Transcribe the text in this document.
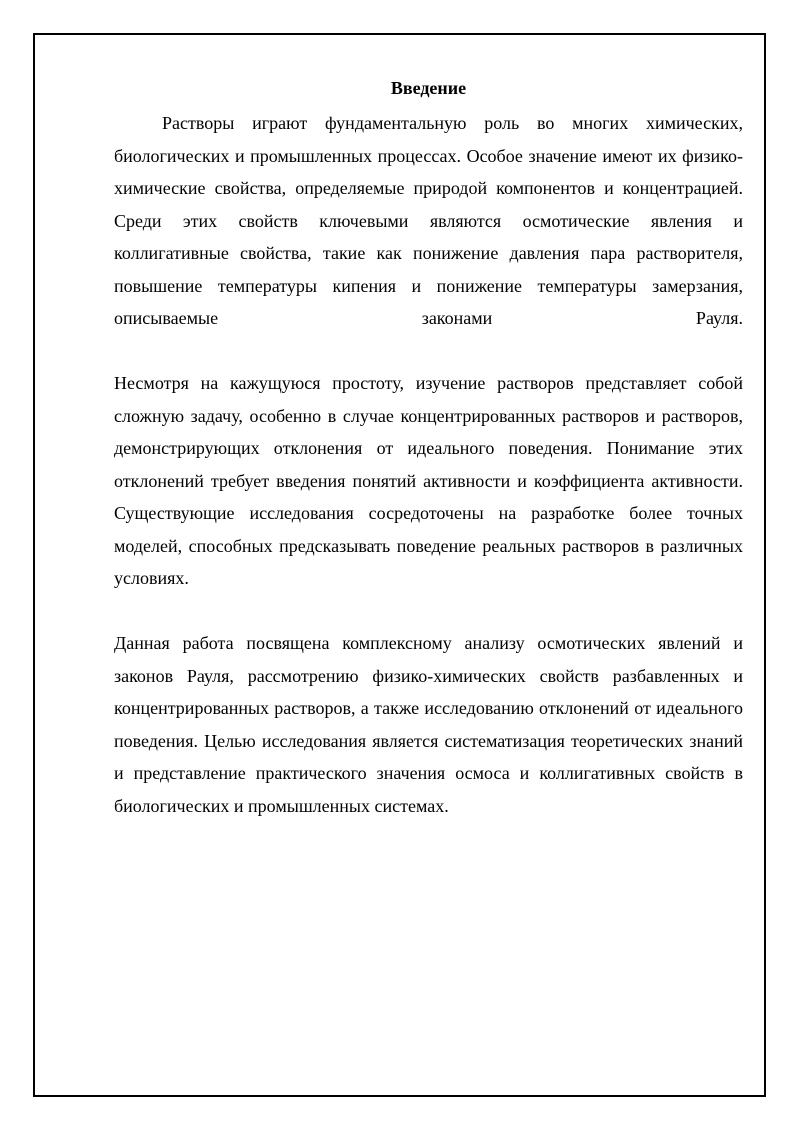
Введение

Растворы играют фундаментальную роль во многих химических, биологических и промышленных процессах. Особое значение имеют их физико-химические свойства, определяемые природой компонентов и концентрацией. Среди этих свойств ключевыми являются осмотические явления и коллигативные свойства, такие как понижение давления пара растворителя, повышение температуры кипения и понижение температуры замерзания, описываемые законами Рауля.

Несмотря на кажущуюся простоту, изучение растворов представляет собой сложную задачу, особенно в случае концентрированных растворов и растворов, демонстрирующих отклонения от идеального поведения. Понимание этих отклонений требует введения понятий активности и коэффициента активности. Существующие исследования сосредоточены на разработке более точных моделей, способных предсказывать поведение реальных растворов в различных условиях.

Данная работа посвящена комплексному анализу осмотических явлений и законов Рауля, рассмотрению физико-химических свойств разбавленных и концентрированных растворов, а также исследованию отклонений от идеального поведения. Целью исследования является систематизация теоретических знаний и представление практического значения осмоса и коллигативных свойств в биологических и промышленных системах.
